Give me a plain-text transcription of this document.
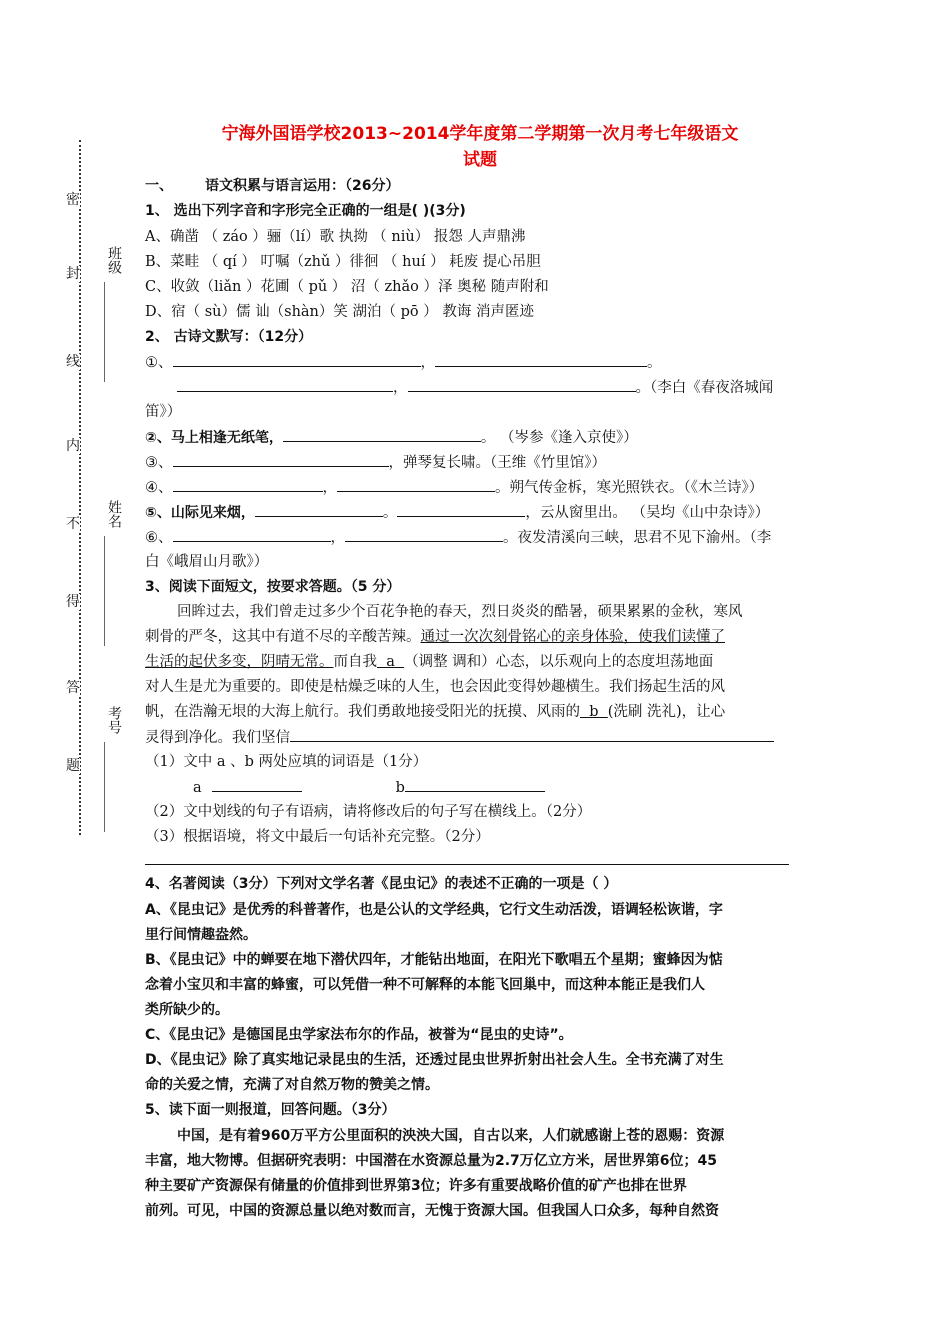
密
封
线
内
不
得
答
题
班级
姓名
考号
宁海外国语学校2013~2014学年度第二学期第一次月考七年级语文
试题
一、 语文积累与语言运用：（26分）
1、 选出下列字音和字形完全正确的一组是( )(3分)
A、确凿 （ záo ）骊（lí）歌 执拗 （ niù） 报怨 人声鼎沸
B、菜畦 （ qí ） 叮嘱（zhǔ ）徘徊 （ huí ） 耗废 提心吊胆
C、收敛（liǎn ）花圃（ pǔ ） 沼（ zhǎo ）泽 奥秘 随声附和
D、宿（ sù）儒 讪（shàn）笑 湖泊（ pō ） 教诲 消声匿迹
2、 古诗文默写：（12分）
①、	，	。
，	。（李白《春夜洛城闻
笛》）
②、马上相逢无纸笔，	。 （岑参《逢入京使》）
③、	，弹琴复长啸。（王维《竹里馆》）
④、	，	。朔气传金柝，寒光照铁衣。（《木兰诗》）
⑤、山际见来烟，	。	，云从窗里出。 （吴均《山中杂诗》）
⑥、	，	。夜发清溪向三峡，思君不见下渝州。（李
白《峨眉山月歌》）
3、阅读下面短文，按要求答题。（5 分）
回眸过去，我们曾走过多少个百花争艳的春天，烈日炎炎的酷暑，硕果累累的金秋，寒风
刺骨的严冬，这其中有道不尽的辛酸苦辣。通过一次次刻骨铭心的亲身体验，使我们读懂了
生活的起伏多变，阴晴无常。而自我  a  （调整 调和）心态，以乐观向上的态度坦荡地面
对人生是尤为重要的。即使是枯燥乏味的人生，也会因此变得妙趣横生。我们扬起生活的风
帆，在浩瀚无垠的大海上航行。我们勇敢地接受阳光的抚摸、风雨的  b  (洗刷 洗礼)，让心
灵得到净化。我们坚信
（1）文中 a 、b 两处应填的词语是（1分）
a	b
（2）文中划线的句子有语病，请将修改后的句子写在横线上。（2分）
（3）根据语境，将文中最后一句话补充完整。（2分）
4、名著阅读（3分）下列对文学名著《昆虫记》的表述不正确的一项是（ ）
A、《昆虫记》是优秀的科普著作，也是公认的文学经典，它行文生动活泼，语调轻松诙谐，字
里行间情趣盎然。
B、《昆虫记》中的蝉要在地下潜伏四年，才能钻出地面，在阳光下歌唱五个星期；蜜蜂因为惦
念着小宝贝和丰富的蜂蜜，可以凭借一种不可解释的本能飞回巢中，而这种本能正是我们人
类所缺少的。
C、《昆虫记》是德国昆虫学家法布尔的作品，被誉为“昆虫的史诗”。
D、《昆虫记》除了真实地记录昆虫的生活，还透过昆虫世界折射出社会人生。全书充满了对生
命的关爱之情，充满了对自然万物的赞美之情。
5、读下面一则报道，回答问题。（3分）
中国，是有着960万平方公里面积的泱泱大国，自古以来，人们就感谢上苍的恩赐：资源
丰富，地大物博。但据研究表明：中国潜在水资源总量为2.7万亿立方米，居世界第6位；45
种主要矿产资源保有储量的价值排到世界第3位；许多有重要战略价值的矿产也排在世界
前列。可见，中国的资源总量以绝对数而言，无愧于资源大国。但我国人口众多，每种自然资
